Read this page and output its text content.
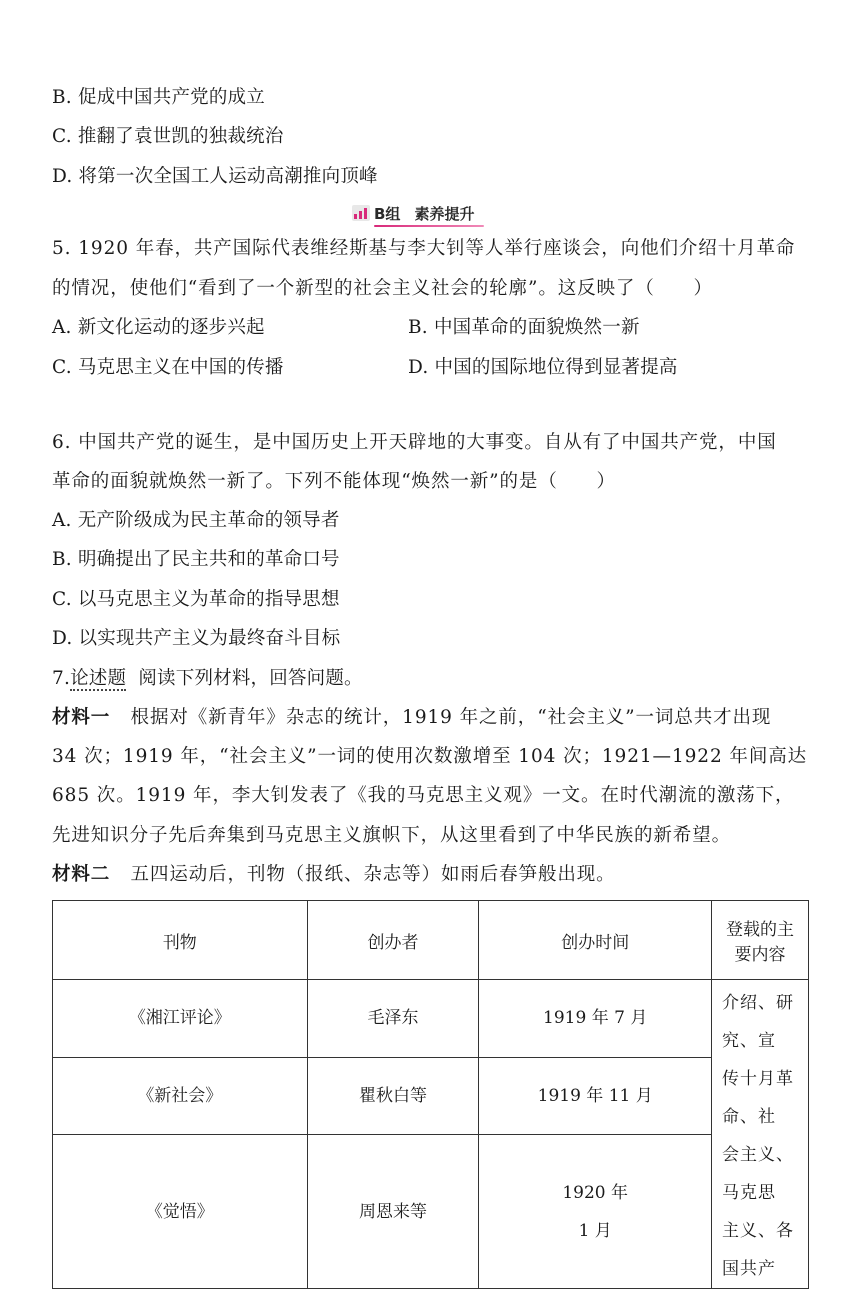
B. 促成中国共产党的成立
C. 推翻了袁世凯的独裁统治
D. 将第一次全国工人运动高潮推向顶峰
B组 素养提升
5. 1920 年春，共产国际代表维经斯基与李大钊等人举行座谈会，向他们介绍十月革命
的情况，使他们“看到了一个新型的社会主义社会的轮廓”。这反映了（　　）
A. 新文化运动的逐步兴起	B. 中国革命的面貌焕然一新
C. 马克思主义在中国的传播	D. 中国的国际地位得到显著提高
6. 中国共产党的诞生，是中国历史上开天辟地的大事变。自从有了中国共产党，中国
革命的面貌就焕然一新了。下列不能体现“焕然一新”的是（　　）
A. 无产阶级成为民主革命的领导者
B. 明确提出了民主共和的革命口号
C. 以马克思主义为革命的指导思想
D. 以实现共产主义为最终奋斗目标
7.论述题 阅读下列材料，回答问题。
材料一 根据对《新青年》杂志的统计，1919 年之前，“社会主义”一词总共才出现
34 次；1919 年，“社会主义”一词的使用次数激增至 104 次；1921—1922 年间高达
685 次。1919 年，李大钊发表了《我的马克思主义观》一文。在时代潮流的激荡下，
先进知识分子先后奔集到马克思主义旗帜下，从这里看到了中华民族的新希望。
材料二 五四运动后，刊物（报纸、杂志等）如雨后春笋般出现。
刊物	创办者	创办时间	登载的主
要内容

《湘江评论》	毛泽东	1919 年 7 月	介绍、研究、宣
传十月革命、社
会主义、马克思
主义、各国共产

《新社会》	瞿秋白等	1919 年 11 月	
《觉悟》	周恩来等	1920 年
1 月	
